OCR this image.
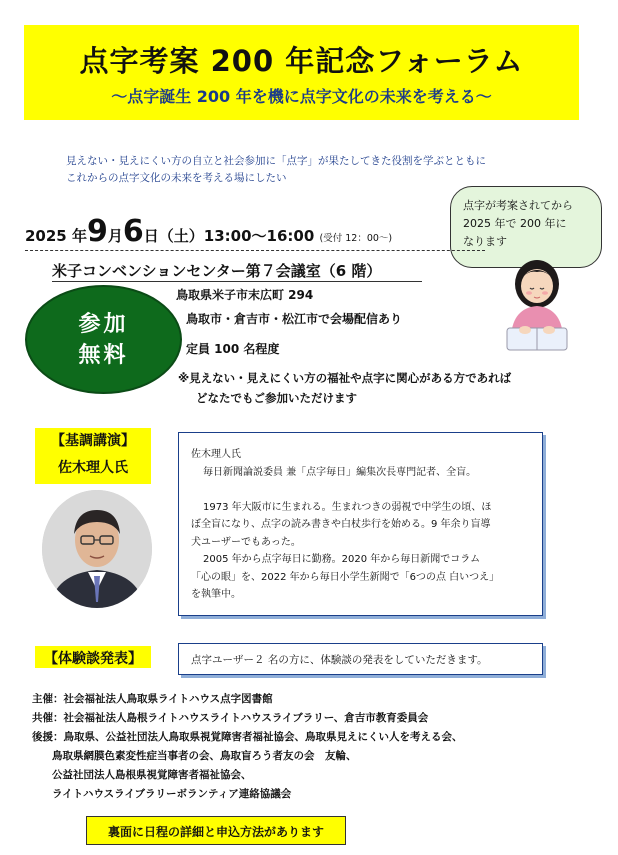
点字考案 200 年記念フォーラム
～点字誕生 200 年を機に点字文化の未来を考える～
見えない・見えにくい方の自立と社会参加に「点字」が果たしてきた役割を学ぶとともに
これからの点字文化の未来を考える場にしたい
点字が考案されてから
2025 年で 200 年に
なります
2025 年9月6日（土）13:00～16:00 (受付 12：00～)
米子コンベンションセンター第７会議室（6 階）
鳥取県米子市末広町 294
鳥取市・倉吉市・松江市で会場配信あり
定員 100 名程度
※見えない・見えにくい方の福祉や点字に関心がある方であれば
どなたでもご参加いただけます
参加
無料
【基調講演】
佐木理人氏

佐木理人氏

毎日新聞論説委員 兼「点字毎日」編集次長専門記者、全盲。

1973 年大阪市に生まれる。生まれつきの弱視で中学生の頃、ほ

ぼ全盲になり、点字の読み書きや白杖歩行を始める。9 年余り盲導

犬ユーザーでもあった。

2005 年から点字毎日に勤務。2020 年から毎日新聞でコラム

「心の眼」を、2022 年から毎日小学生新聞で「6つの点 白いつえ」

を執筆中。

【体験談発表】	点字ユーザー２ 名の方に、体験談の発表をしていただきます。
主催：社会福祉法人鳥取県ライトハウス点字図書館
共催：社会福祉法人島根ライトハウスライトハウスライブラリー、倉吉市教育委員会
後援：鳥取県、公益社団法人鳥取県視覚障害者福祉協会、鳥取県見えにくい人を考える会、
鳥取県網膜色素変性症当事者の会、鳥取盲ろう者友の会　友輪、
公益社団法人島根県視覚障害者福祉協会、
ライトハウスライブラリーボランティア連絡協議会
裏面に日程の詳細と申込方法があります
